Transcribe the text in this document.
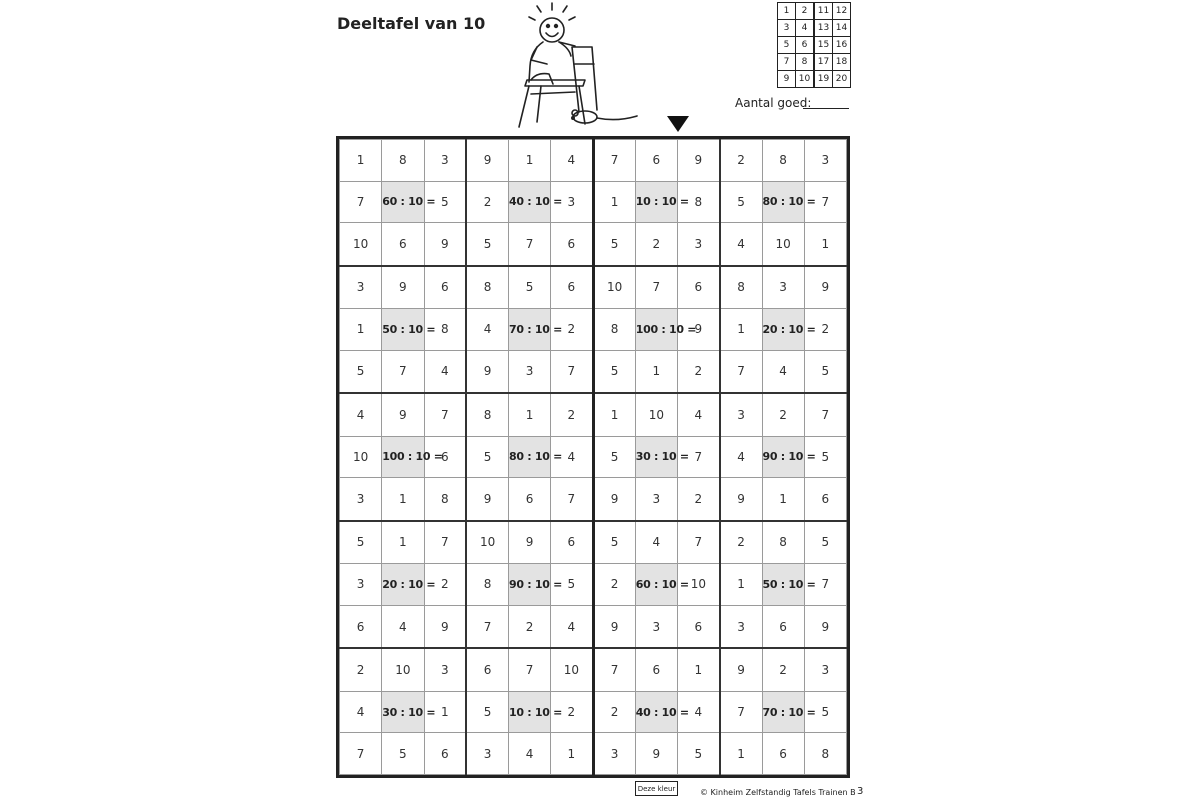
Deeltafel van 10
1	2	11	12
3	4	13	14
5	6	15	16
7	8	17	18
9	10	19	20
Aantal goed:
1	8	3	9	1	4	7	6	9	2	8	3
7	60 : 10 =	5	2	40 : 10 =	3	1	10 : 10 =	8	5	80 : 10 =	7
10	6	9	5	7	6	5	2	3	4	10	1
3	9	6	8	5	6	10	7	6	8	3	9
1	50 : 10 =	8	4	70 : 10 =	2	8	100 : 10 =	9	1	20 : 10 =	2
5	7	4	9	3	7	5	1	2	7	4	5
4	9	7	8	1	2	1	10	4	3	2	7
10	100 : 10 =	6	5	80 : 10 =	4	5	30 : 10 =	7	4	90 : 10 =	5
3	1	8	9	6	7	9	3	2	9	1	6
5	1	7	10	9	6	5	4	7	2	8	5
3	20 : 10 =	2	8	90 : 10 =	5	2	60 : 10 =	10	1	50 : 10 =	7
6	4	9	7	2	4	9	3	6	3	6	9
2	10	3	6	7	10	7	6	1	9	2	3
4	30 : 10 =	1	5	10 : 10 =	2	2	40 : 10 =	4	7	70 : 10 =	5
7	5	6	3	4	1	3	9	5	1	6	8
Deze kleur	© Kinheim Zelfstandig Tafels Trainen B 3
